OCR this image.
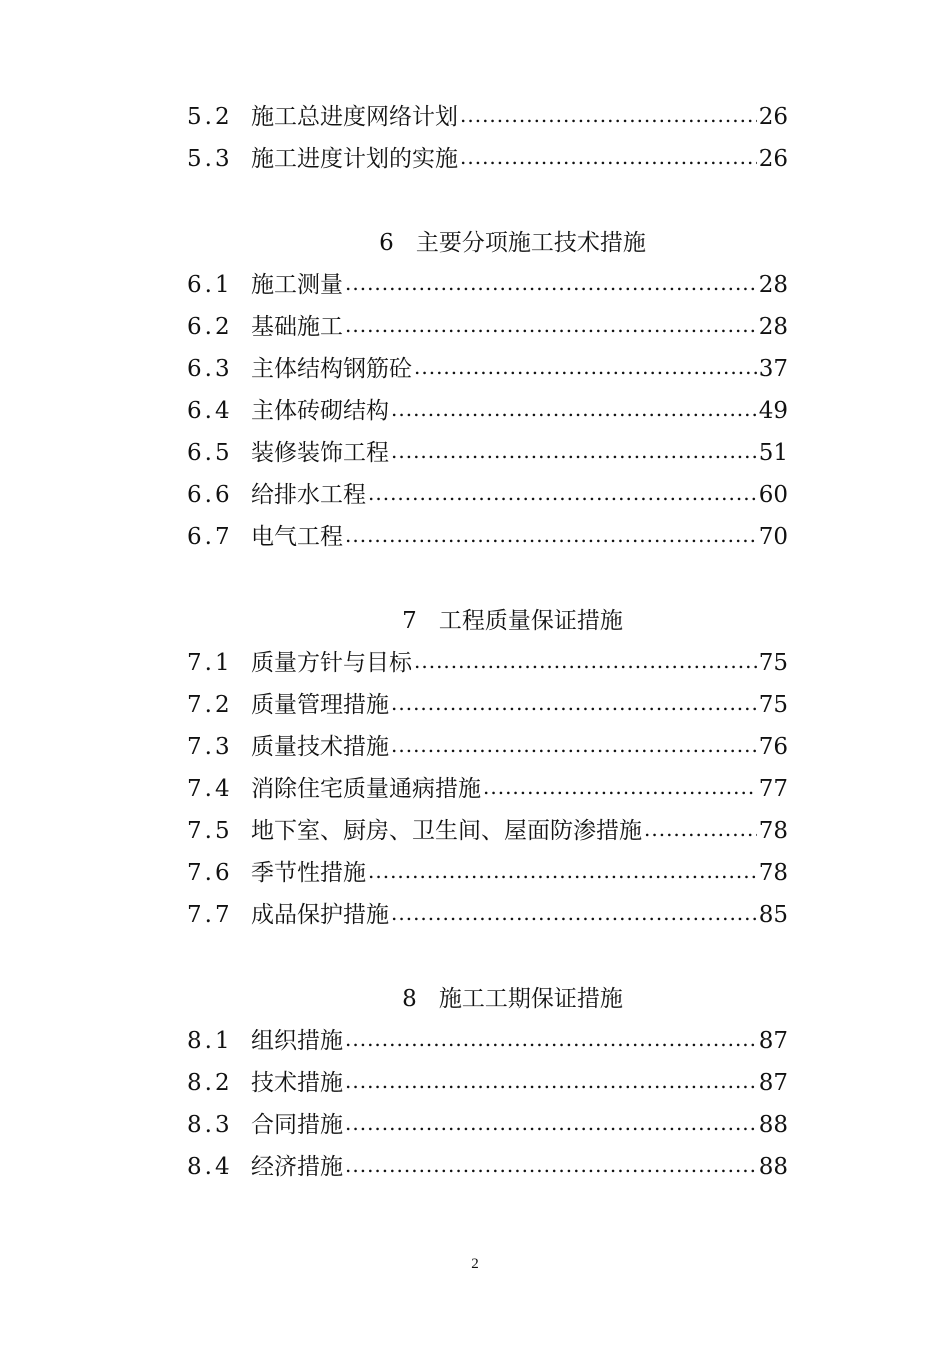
5.2 施工总进度网络计划 .....	26
5.3 施工进度计划的实施 .....	26
6 主要分项施工技术措施
6.1 施工测量 .....	28
6.2 基础施工 .....	28
6.3 主体结构钢筋砼 .....	37
6.4 主体砖砌结构 .....	49
6.5 装修装饰工程 .....	51
6.6 给排水工程 .....	60
6.7 电气工程 .....	70
7 工程质量保证措施
7.1 质量方针与目标 .....	75
7.2 质量管理措施 .....	75
7.3 质量技术措施 .....	76
7.4 消除住宅质量通病措施 .....	77
7.5 地下室、厨房、卫生间、屋面防渗措施 .....	78
7.6 季节性措施 .....	78
7.7 成品保护措施 .....	85
8 施工工期保证措施
8.1 组织措施 .....	87
8.2 技术措施 .....	87
8.3 合同措施 .....	88
8.4 经济措施 .....	88
2
